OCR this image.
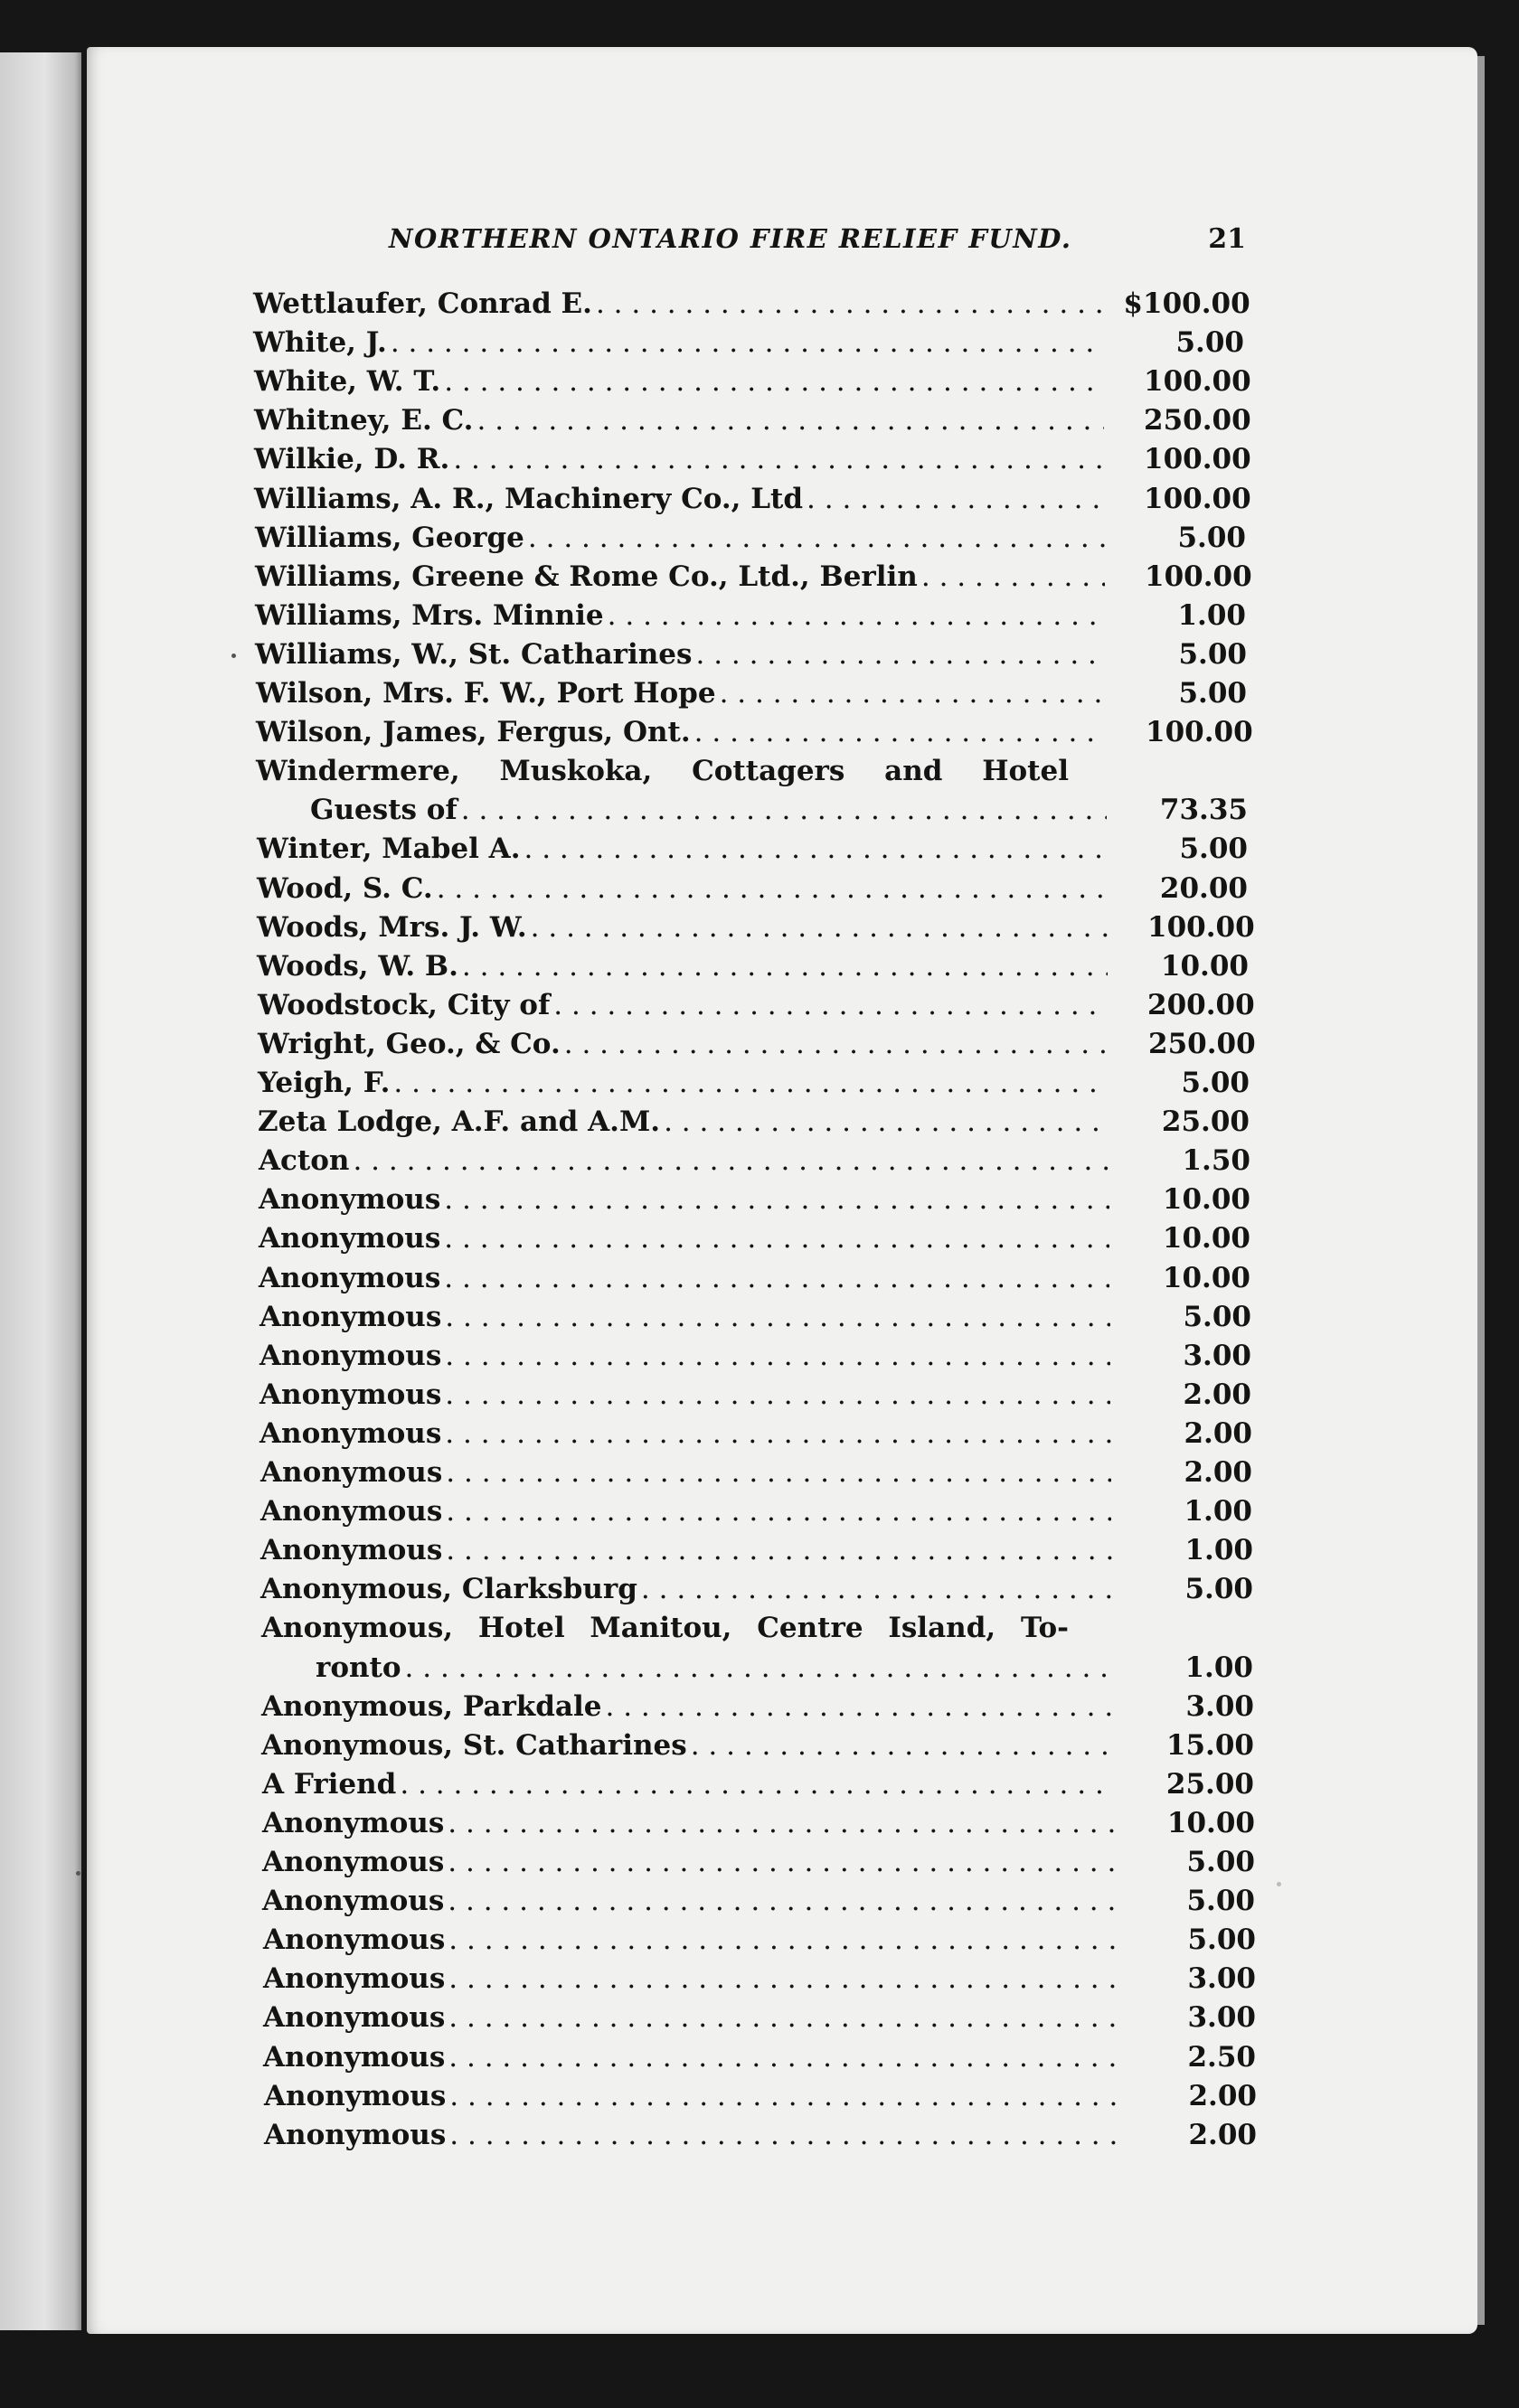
NORTHERN ONTARIO FIRE RELIEF FUND.	21
Wettlaufer, Conrad E. . . .	$ 100.00
White, J. . . .	5.00
White, W. T. . . .	100.00
Whitney, E. C. . . .	250.00
Wilkie, D. R. . . .	100.00
Williams, A. R., Machinery Co., Ltd . . .	100.00
Williams, George . . .	5.00
Williams, Greene & Rome Co., Ltd., Berlin . . .	100.00
Williams, Mrs. Minnie . . .	1.00
Williams, W., St. Catharines . . .	5.00
Wilson, Mrs. F. W., Port Hope . . .	5.00
Wilson, James, Fergus, Ont. . . .	100.00
Windermere, Muskoka, Cottagers and Hotel
Guests of . . .	73.35
Winter, Mabel A. . . .	5.00
Wood, S. C. . . .	20.00
Woods, Mrs. J. W. . . .	100.00
Woods, W. B. . . .	10.00
Woodstock, City of . . .	200.00
Wright, Geo., & Co. . . .	250.00
Yeigh, F. . . .	5.00
Zeta Lodge, A.F. and A.M. . . .	25.00
Acton . . .	1.50
Anonymous . . .	10.00
Anonymous . . .	10.00
Anonymous . . .	10.00
Anonymous . . .	5.00
Anonymous . . .	3.00
Anonymous . . .	2.00
Anonymous . . .	2.00
Anonymous . . .	2.00
Anonymous . . .	1.00
Anonymous . . .	1.00
Anonymous, Clarksburg . . .	5.00
Anonymous, Hotel Manitou, Centre Island, To-
ronto . . .	1.00
Anonymous, Parkdale . . .	3.00
Anonymous, St. Catharines . . .	15.00
A Friend . . .	25.00
Anonymous . . .	10.00
Anonymous . . .	5.00
Anonymous . . .	5.00
Anonymous . . .	5.00
Anonymous . . .	3.00
Anonymous . . .	3.00
Anonymous . . .	2.50
Anonymous . . .	2.00
Anonymous . . .	2.00
